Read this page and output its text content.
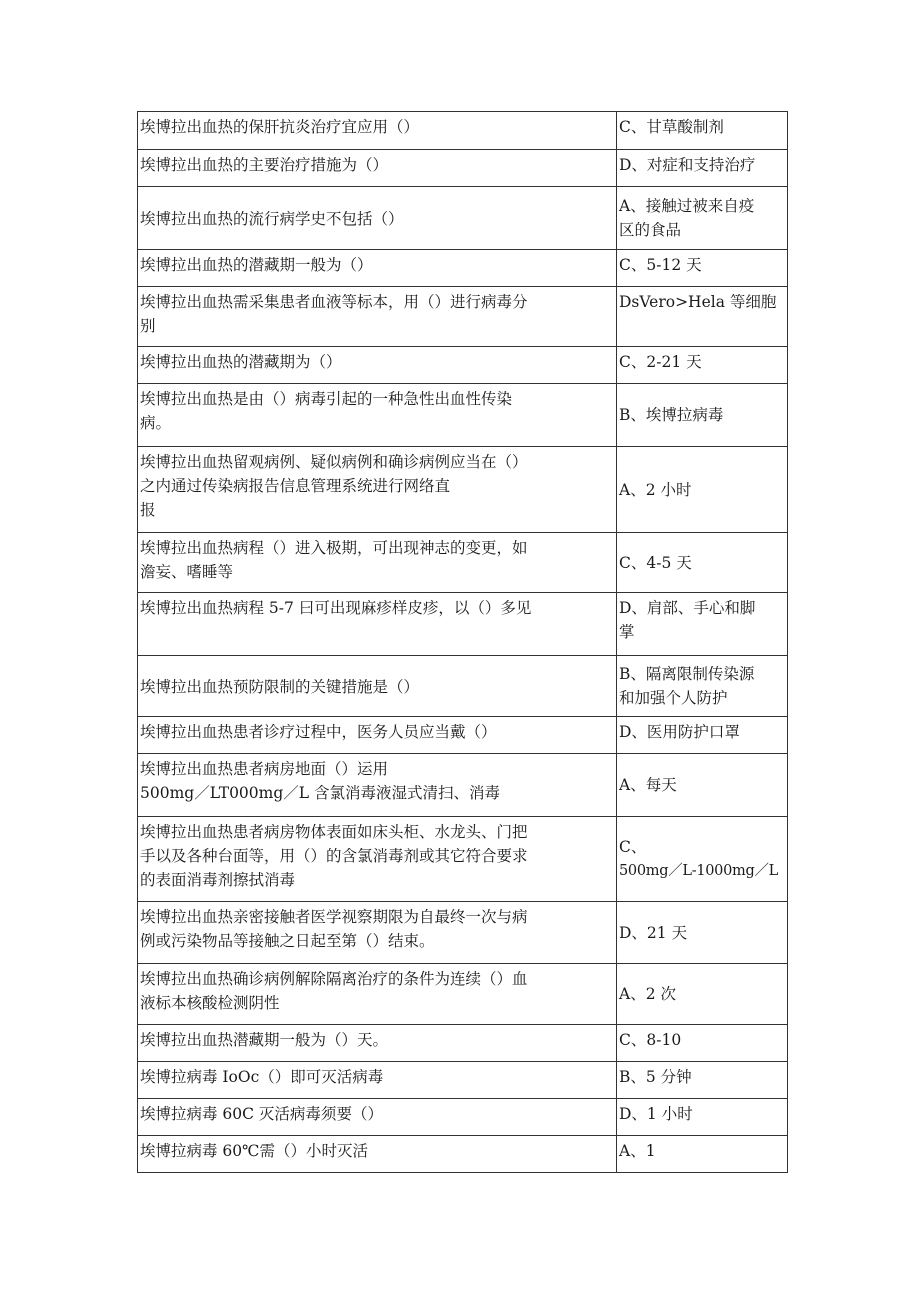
埃博拉出血热的保肝抗炎治疗宜应用（）	C、甘草酸制剂

埃博拉出血热的主要治疗措施为（）	D、对症和支持治疗

埃博拉出血热的流行病学史不包括（）	A、接触过被来自疫
区的食品

埃博拉出血热的潜藏期一般为（）	C、5-12 天

埃博拉出血热需采集患者血液等标本，用（）进行病毒分
别	DsVero>Hela 等细胞

埃博拉出血热的潜藏期为（）	C、2-21 天

埃博拉出血热是由（）病毒引起的一种急性出血性传染
病。	B、埃博拉病毒

埃博拉出血热留观病例、疑似病例和确诊病例应当在（）
之内通过传染病报告信息管理系统进行网络直
报	A、2 小时

埃博拉出血热病程（）进入极期，可出现神志的变更，如
澹妄、嗜睡等	C、4-5 天

埃博拉出血热病程 5-7 曰可出现麻疹样皮疹，以（）多见	D、肩部、手心和脚
掌

埃博拉出血热预防限制的关键措施是（）	B、隔离限制传染源
和加强个人防护

埃博拉出血热患者诊疗过程中，医务人员应当戴（）	D、医用防护口罩

埃博拉出血热患者病房地面（）运用
500mg／LT000mg／L 含氯消毒液湿式清扫、消毒	A、每天

埃博拉出血热患者病房物体表面如床头柜、水龙头、门把
手以及各种台面等，用（）的含氯消毒剂或其它符合要求
的表面消毒剂擦拭消毒	C、
500mg／L-1000mg／L

埃博拉出血热亲密接触者医学视察期限为自最终一次与病
例或污染物品等接触之日起至第（）结束。	D、21 天

埃博拉出血热确诊病例解除隔离治疗的条件为连续（）血
液标本核酸检测阴性	A、2 次

埃博拉出血热潜藏期一般为（）天。	C、8-10

埃博拉病毒 IoOc（）即可灭活病毒	B、5 分钟

埃博拉病毒 60C 灭活病毒须要（）	D、1 小时

埃博拉病毒 60℃需（）小时灭活	A、1
